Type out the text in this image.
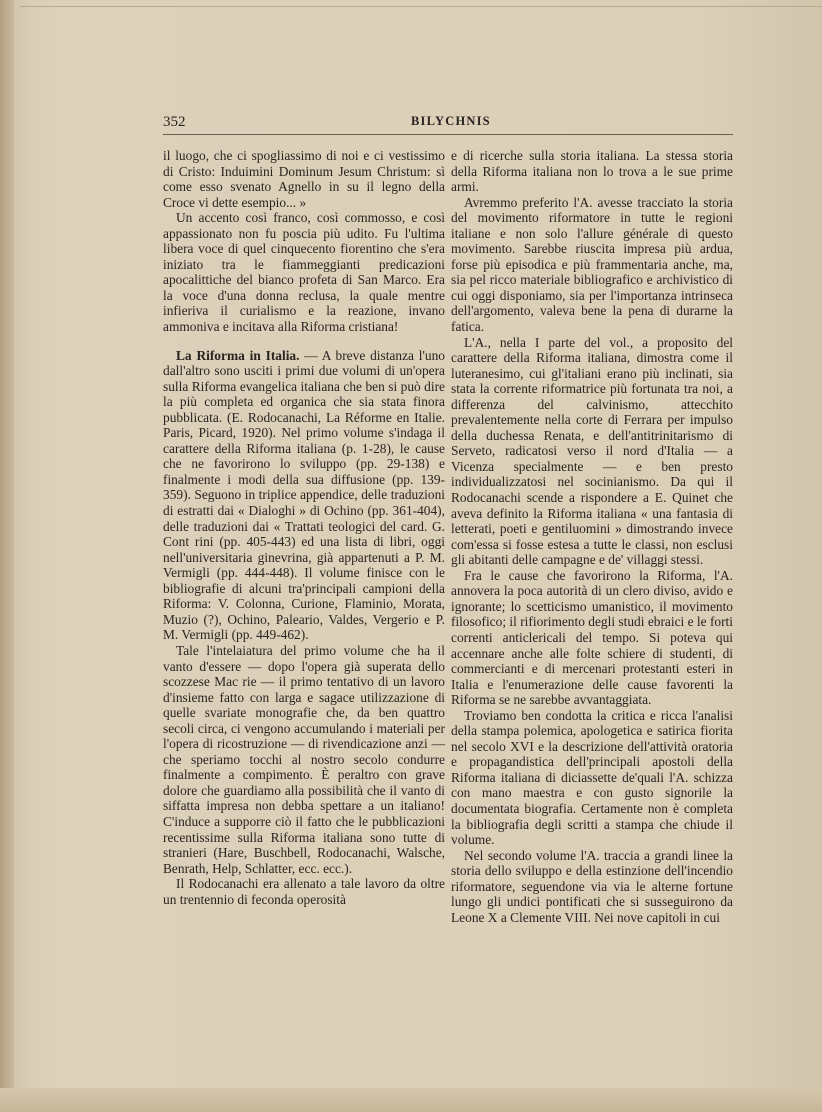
352	BILYCHNIS

il luogo, che ci spogliassimo di noi e ci vestissimo di Cristo: Induimini Dominum Jesum Christum: sì come esso svenato Agnello in su il legno della Croce vi dette esempio... »

Un accento così franco, così commosso, e così appassionato non fu poscia più udito. Fu l'ultima libera voce di quel cinquecento fiorentino che s'era iniziato tra le fiammeggianti predicazioni apocalittiche del bianco profeta di San Marco. Era la voce d'una donna reclusa, la quale mentre infieriva il curialismo e la reazione, invano ammoniva e incitava alla Riforma cristiana!

La Riforma in Italia. — A breve distanza l'uno dall'altro sono usciti i primi due volumi di un'opera sulla Riforma evangelica italiana che ben si può dire la più completa ed organica che sia stata finora pubblicata. (E. Rodocanachi, La Réforme en Italie. Paris, Picard, 1920). Nel primo volume s'indaga il carattere della Riforma italiana (p. 1-28), le cause che ne favorirono lo sviluppo (pp. 29-138) e finalmente i modi della sua diffusione (pp. 139-359). Seguono in triplice appendice, delle traduzioni di estratti dai « Dialoghi » di Ochino (pp. 361-404), delle traduzioni dai « Trattati teologici del card. G. Cont rini (pp. 405-443) ed una lista di libri, oggi nell'universitaria ginevrina, già appartenuti a P. M. Vermigli (pp. 444-448). Il volume finisce con le bibliografie di alcuni tra'principali campioni della Riforma: V. Colonna, Curione, Flaminio, Morata, Muzio (?), Ochino, Paleario, Valdes, Vergerio e P. M. Vermigli (pp. 449-462).

Tale l'intelaiatura del primo volume che ha il vanto d'essere — dopo l'opera già superata dello scozzese Mac rie — il primo tentativo di un lavoro d'insieme fatto con larga e sagace utilizzazione di quelle svariate monografie che, da ben quattro secoli circa, ci vengono accumulando i materiali per l'opera di ricostruzione — di rivendicazione anzi — che speriamo tocchi al nostro secolo condurre finalmente a compimento. È peraltro con grave dolore che guardiamo alla possibilità che il vanto di siffatta impresa non debba spettare a un italiano! C'induce a supporre ciò il fatto che le pubblicazioni recentissime sulla Riforma italiana sono tutte di stranieri (Hare, Buschbell, Rodocanachi, Walsche, Benrath, Help, Schlatter, ecc. ecc.).

Il Rodocanachi era allenato a tale lavoro da oltre un trentennio di feconda operosità

e di ricerche sulla storia italiana. La stessa storia della Riforma italiana non lo trova a le sue prime armi.

Avremmo preferito l'A. avesse tracciato la storia del movimento riformatore in tutte le regioni italiane e non solo l'allure générale di questo movimento. Sarebbe riuscita impresa più ardua, forse più episodica e più frammentaria anche, ma, sia pel ricco materiale bibliografico e archivistico di cui oggi disponiamo, sia per l'importanza intrinseca dell'argomento, valeva bene la pena di durarne la fatica.

L'A., nella I parte del vol., a proposito del carattere della Riforma italiana, dimostra come il luteranesimo, cui gl'italiani erano più inclinati, sia stata la corrente riformatrice più fortunata tra noi, a differenza del calvinismo, attecchito prevalentemente nella corte di Ferrara per impulso della duchessa Renata, e dell'antitrinitarismo di Serveto, radicatosi verso il nord d'Italia — a Vicenza specialmente — e ben presto individualizzatosi nel socinianismo. Da qui il Rodocanachi scende a rispondere a E. Quinet che aveva definito la Riforma italiana « una fantasia di letterati, poeti e gentiluomini » dimostrando invece com'essa si fosse estesa a tutte le classi, non esclusi gli abitanti delle campagne e de' villaggi stessi.

Fra le cause che favorirono la Riforma, l'A. annovera la poca autorità di un clero diviso, avido e ignorante; lo scetticismo umanistico, il movimento filosofico; il rifiorimento degli studi ebraici e le forti correnti anticlericali del tempo. Si poteva qui accennare anche alle folte schiere di studenti, di commercianti e di mercenari protestanti esteri in Italia e l'enumerazione delle cause favorenti la Riforma se ne sarebbe avvantaggiata.

Troviamo ben condotta la critica e ricca l'analisi della stampa polemica, apologetica e satirica fiorita nel secolo XVI e la descrizione dell'attività oratoria e propagandistica dell'principali apostoli della Riforma italiana di diciassette de'quali l'A. schizza con mano maestra e con gusto signorile la documentata biografia. Certamente non è completa la bibliografia degli scritti a stampa che chiude il volume.

Nel secondo volume l'A. traccia a grandi linee la storia dello sviluppo e della estinzione dell'incendio riformatore, seguendone via via le alterne fortune lungo gli undici pontificati che si susseguirono da Leone X a Clemente VIII. Nei nove capitoli in cui
